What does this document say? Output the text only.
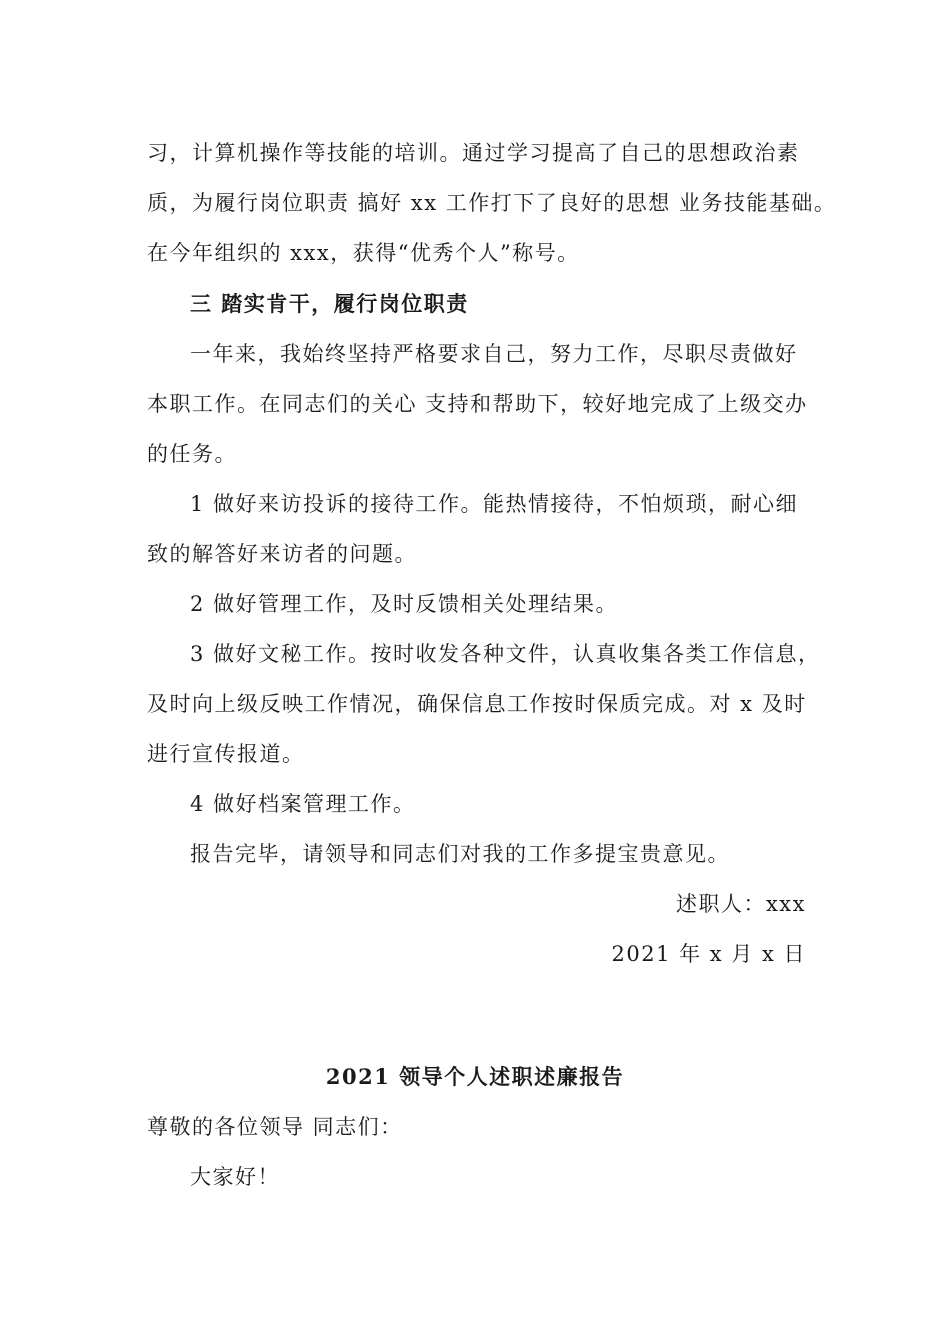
习，计算机操作等技能的培训。通过学习提高了自己的思想政治素
质，为履行岗位职责 搞好 xx 工作打下了良好的思想 业务技能基础。
在今年组织的 xxx，获得“优秀个人”称号。
三 踏实肯干，履行岗位职责
一年来，我始终坚持严格要求自己，努力工作，尽职尽责做好
本职工作。在同志们的关心 支持和帮助下，较好地完成了上级交办
的任务。
1 做好来访投诉的接待工作。能热情接待，不怕烦琐，耐心细
致的解答好来访者的问题。
2 做好管理工作，及时反馈相关处理结果。
3 做好文秘工作。按时收发各种文件，认真收集各类工作信息，
及时向上级反映工作情况，确保信息工作按时保质完成。对 x 及时
进行宣传报道。
4 做好档案管理工作。
报告完毕，请领导和同志们对我的工作多提宝贵意见。
述职人：xxx
2021 年 x 月 x 日
2021 领导个人述职述廉报告
尊敬的各位领导 同志们：
大家好！
